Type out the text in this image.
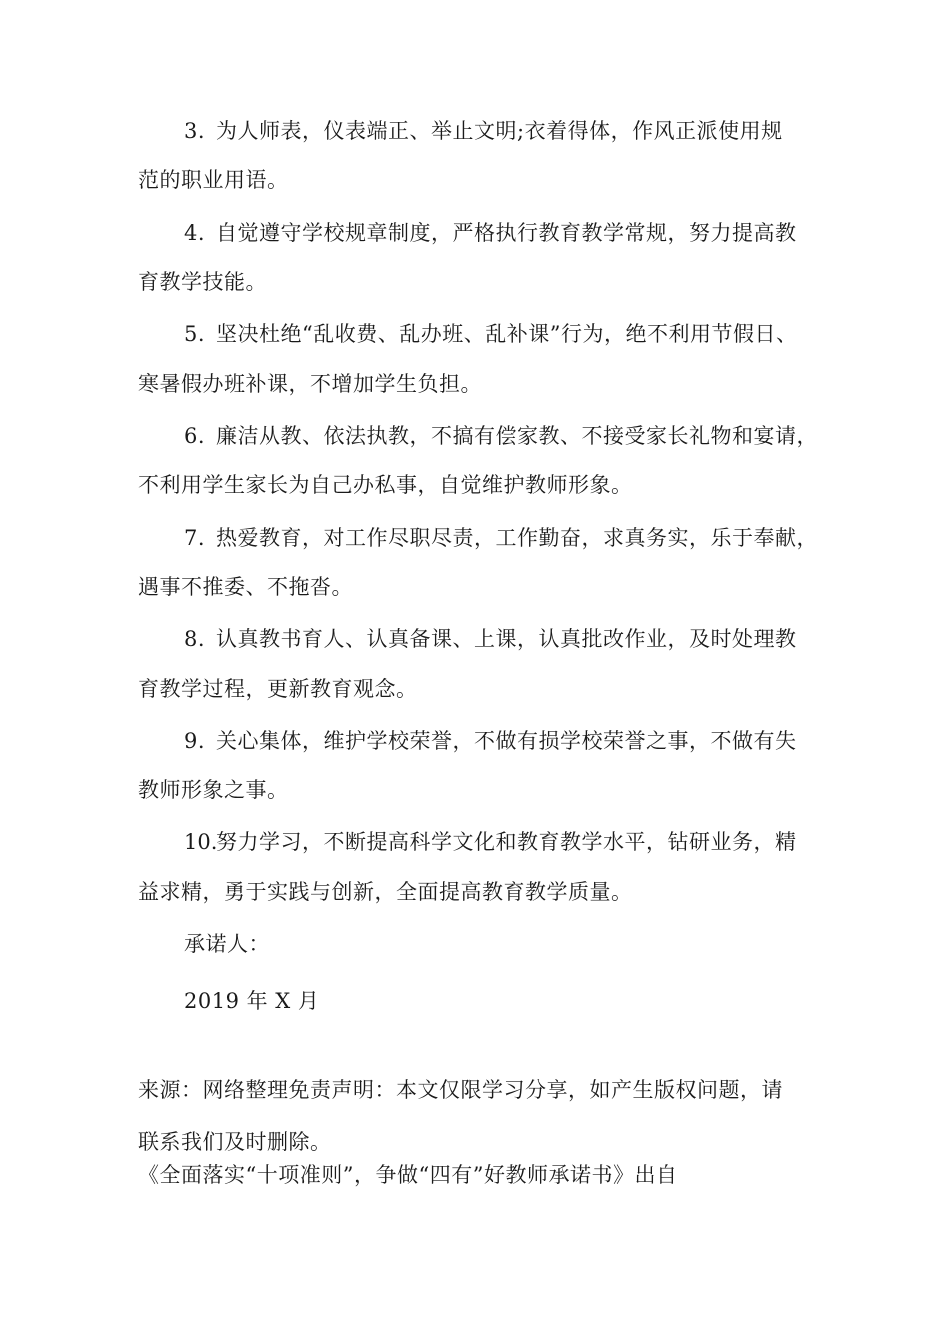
3. 为人师表，仪表端正、举止文明;衣着得体，作风正派使用规
范的职业用语。
4. 自觉遵守学校规章制度，严格执行教育教学常规，努力提高教
育教学技能。
5. 坚决杜绝“乱收费、乱办班、乱补课”行为，绝不利用节假日、
寒暑假办班补课，不增加学生负担。
6. 廉洁从教、依法执教，不搞有偿家教、不接受家长礼物和宴请，
不利用学生家长为自己办私事，自觉维护教师形象。
7. 热爱教育，对工作尽职尽责，工作勤奋，求真务实，乐于奉献，
遇事不推委、不拖沓。
8. 认真教书育人、认真备课、上课，认真批改作业，及时处理教
育教学过程，更新教育观念。
9. 关心集体，维护学校荣誉，不做有损学校荣誉之事，不做有失
教师形象之事。
10.努力学习，不断提高科学文化和教育教学水平，钻研业务，精
益求精，勇于实践与创新，全面提高教育教学质量。
承诺人：
2019 年 X 月
来源：网络整理免责声明：本文仅限学习分享，如产生版权问题，请
联系我们及时删除。
《全面落实“十项准则”，争做“四有”好教师承诺书》出自
